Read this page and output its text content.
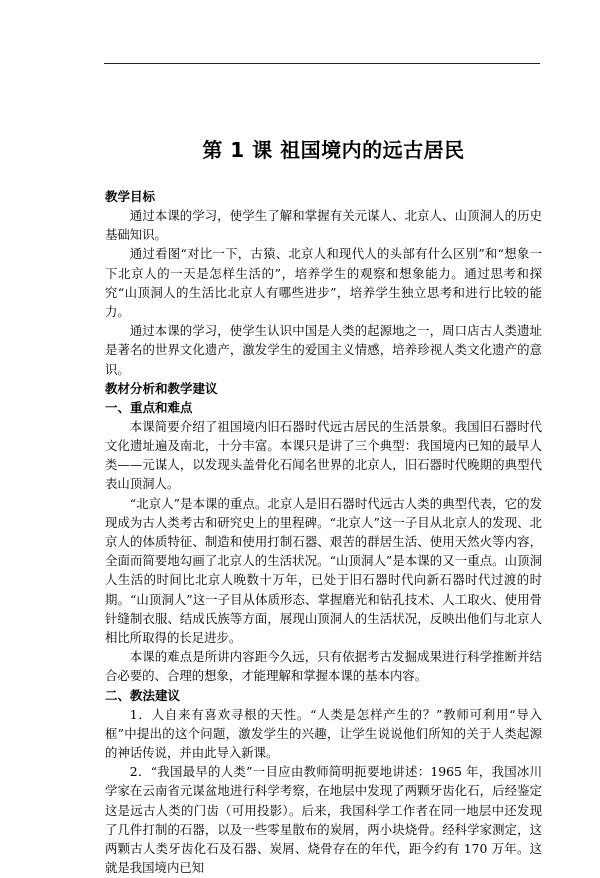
第 1 课 祖国境内的远古居民
教学目标

通过本课的学习，使学生了解和掌握有关元谋人、北京人、山顶洞人的历史基础知识。

通过看图“对比一下，古猿、北京人和现代人的头部有什么区别”和“想象一下北京人的一天是怎样生活的”，培养学生的观察和想象能力。通过思考和探究“山顶洞人的生活比北京人有哪些进步”，培养学生独立思考和进行比较的能力。

通过本课的学习，使学生认识中国是人类的起源地之一，周口店古人类遗址是著名的世界文化遗产，激发学生的爱国主义情感，培养珍视人类文化遗产的意识。

教材分析和教学建议
一、重点和难点

本课简要介绍了祖国境内旧石器时代远古居民的生活景象。我国旧石器时代文化遗址遍及南北，十分丰富。本课只是讲了三个典型：我国境内已知的最早人类——元谋人，以发现头盖骨化石闻名世界的北京人，旧石器时代晚期的典型代表山顶洞人。

“北京人”是本课的重点。北京人是旧石器时代远古人类的典型代表，它的发现成为古人类考古和研究史上的里程碑。“北京人”这一子目从北京人的发现、北京人的体质特征、制造和使用打制石器、艰苦的群居生活、使用天然火等内容，全面而简要地勾画了北京人的生活状况。“山顶洞人”是本课的又一重点。山顶洞人生活的时间比北京人晚数十万年，已处于旧石器时代向新石器时代过渡的时期。“山顶洞人”这一子目从体质形态、掌握磨光和钻孔技术、人工取火、使用骨针缝制衣服、结成氏族等方面，展现山顶洞人的生活状况，反映出他们与北京人相比所取得的长足进步。

本课的难点是所讲内容距今久远，只有依据考古发掘成果进行科学推断并结合必要的、合理的想象，才能理解和掌握本课的基本内容。

二、教法建议

1．人自来有喜欢寻根的天性。“人类是怎样产生的？”教师可利用“导入框”中提出的这个问题，激发学生的兴趣，让学生说说他们所知的关于人类起源的神话传说，并由此导入新课。

2．“我国最早的人类”一目应由教师简明扼要地讲述：1965 年，我国冰川学家在云南省元谋盆地进行科学考察，在地层中发现了两颗牙齿化石，后经鉴定这是远古人类的门齿（可用投影）。后来，我国科学工作者在同一地层中还发现了几件打制的石器，以及一些零星散布的炭屑，两小块烧骨。经科学家测定，这两颗古人类牙齿化石及石器、炭屑、烧骨存在的年代，距今约有 170 万年。这就是我国境内已知
